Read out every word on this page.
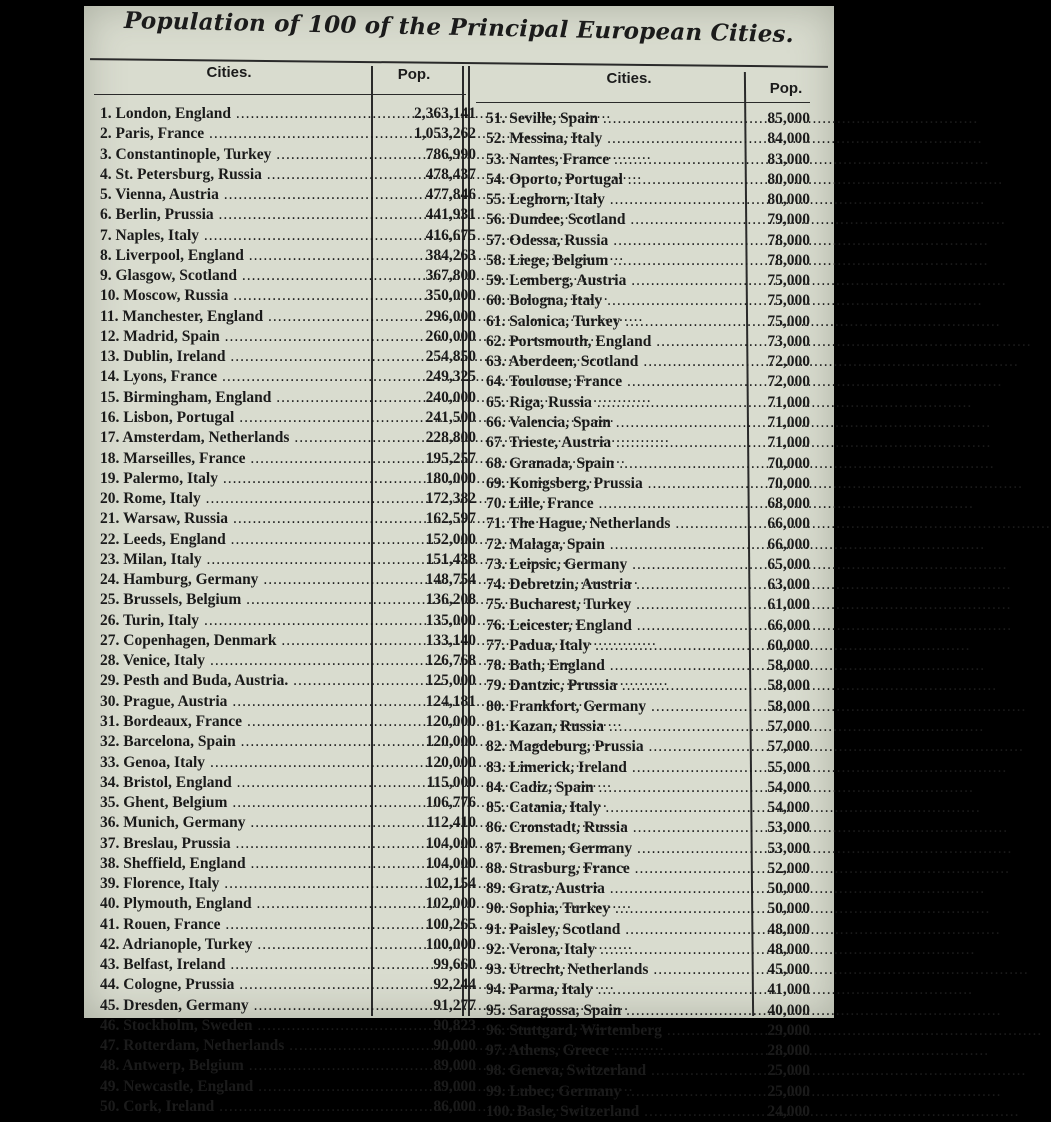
Population of 100 of the Principal European Cities.
Cities.	Pop.	Cities.
Pop.
1. London, England .....	2,363,141
2. Paris, France .....	1,053,262
3. Constantinople, Turkey .....	786,990
4. St. Petersburg, Russia .....	478,437
5. Vienna, Austria .....	477,846
6. Berlin, Prussia .....	441,931
7. Naples, Italy .....	416,675
8. Liverpool, England .....	384,263
9. Glasgow, Scotland .....	367,800
10. Moscow, Russia .....	350,000
11. Manchester, England .....	296,000
12. Madrid, Spain .....	260,000
13. Dublin, Ireland .....	254,850
14. Lyons, France .....	249,325
15. Birmingham, England .....	240,000
16. Lisbon, Portugal .....	241,500
17. Amsterdam, Netherlands .....	228,800
18. Marseilles, France .....	195,257
19. Palermo, Italy .....	180,000
20. Rome, Italy .....	172,382
21. Warsaw, Russia .....	162,597
22. Leeds, England .....	152,000
23. Milan, Italy .....	151,438
24. Hamburg, Germany .....	148,754
25. Brussels, Belgium .....	136,208
26. Turin, Italy .....	135,000
27. Copenhagen, Denmark .....	133,140
28. Venice, Italy .....	126,768
29. Pesth and Buda, Austria. .....	125,000
30. Prague, Austria .....	124,181
31. Bordeaux, France .....	120,000
32. Barcelona, Spain .....	120,000
33. Genoa, Italy .....	120,000
34. Bristol, England .....	115,000
35. Ghent, Belgium .....	106,776
36. Munich, Germany .....	112,410
37. Breslau, Prussia .....	104,000
38. Sheffield, England .....	104,000
39. Florence, Italy .....	102,154
40. Plymouth, England .....	102,000
41. Rouen, France .....	100,265
42. Adrianople, Turkey .....	100,000
43. Belfast, Ireland .....	99,660
44. Cologne, Prussia .....	92,244
45. Dresden, Germany .....	91,277
46. Stockholm, Sweden .....	90,823
47. Rotterdam, Netherlands .....	90,000
48. Antwerp, Belgium .....	89,000
49. Newcastle, England .....	89,000
50. Cork, Ireland .....	86,000
51. Seville, Spain .....	85,000
52. Messina, Italy .....	84,000
53. Nantes, France .....	83,000
54. Oporto, Portugal .....	80,000
55. Leghorn, Italy .....	80,000
56. Dundee, Scotland .....	79,000
57. Odessa, Russia .....	78,000
58. Liege, Belgium .....	78,000
59. Lemberg, Austria .....	75,000
60. Bologna, Italy .....	75,000
61. Salonica, Turkey .....	75,000
62. Portsmouth, England .....	73,000
63. Aberdeen, Scotland .....	72,000
64. Toulouse, France .....	72,000
65. Riga, Russia .....	71,000
66. Valencia, Spain .....	71,000
67. Trieste, Austria .....	71,000
68. Granada, Spain .....	70,000
69. Konigsberg, Prussia .....	70,000
70. Lille, France .....	68,000
71. The Hague, Netherlands .....	66,000
72. Malaga, Spain .....	66,000
73. Leipsic, Germany .....	65,000
74. Debretzin, Austria .....	63,000
75. Bucharest, Turkey .....	61,000
76. Leicester, England .....	66,000
77. Padua, Italy .....	60,000
78. Bath, England .....	58,000
79. Dantzic, Prussia .....	58,000
80. Frankfort, Germany .....	58,000
81. Kazan, Russia .....	57,000
82. Magdeburg, Prussia .....	57,000
83. Limerick, Ireland .....	55,000
84. Cadiz, Spain .....	54,000
85. Catania, Italy .....	54,000
86. Cronstadt, Russia .....	53,000
87. Bremen, Germany .....	53,000
88. Strasburg, France .....	52,000
89. Gratz, Austria .....	50,000
90. Sophia, Turkey .....	50,000
91. Paisley, Scotland .....	48,000
92. Verona, Italy .....	48,000
93. Utrecht, Netherlands .....	45,000
94. Parma, Italy .....	41,000
95. Saragossa, Spain .....	40,000
96. Stuttgard, Wirtemberg .....	29,000
97. Athens, Greece .....	28,000
98. Geneva, Switzerland .....	25,000
99. Lubec, Germany .....	25,000
100. Basle, Switzerland .....	24,000
